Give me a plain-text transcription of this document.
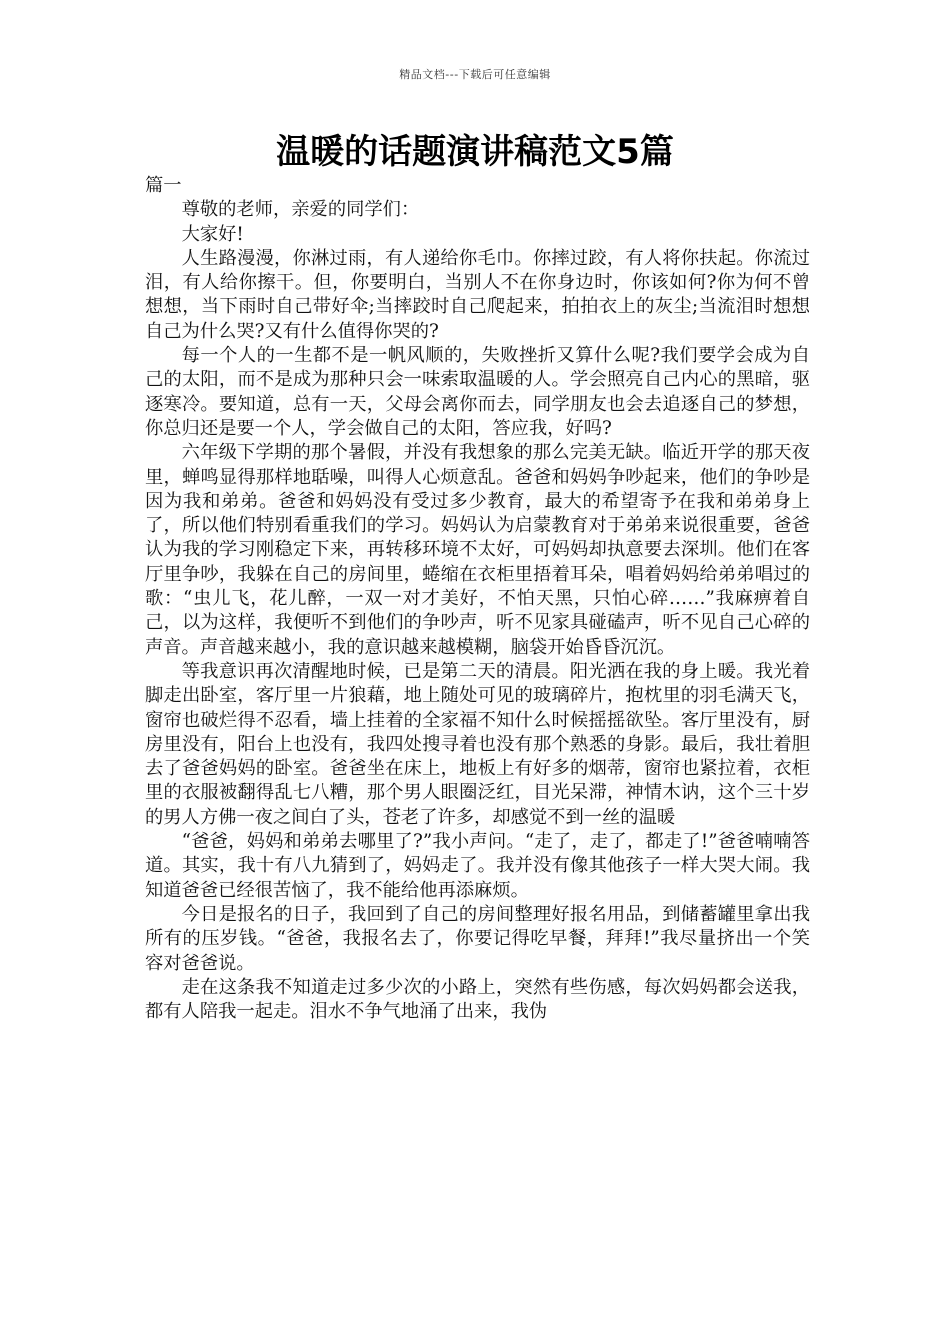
精品文档---下载后可任意编辑
温暖的话题演讲稿范文5篇

篇一

尊敬的老师，亲爱的同学们：

大家好!

人生路漫漫，你淋过雨，有人递给你毛巾。你摔过跤，有人将你扶起。你流过泪，有人给你擦干。但，你要明白，当别人不在你身边时，你该如何?你为何不曾想想，当下雨时自己带好伞;当摔跤时自己爬起来，拍拍衣上的灰尘;当流泪时想想自己为什么哭?又有什么值得你哭的?

每一个人的一生都不是一帆风顺的，失败挫折又算什么呢?我们要学会成为自己的太阳，而不是成为那种只会一味索取温暖的人。学会照亮自己内心的黑暗，驱逐寒冷。要知道，总有一天，父母会离你而去，同学朋友也会去追逐自己的梦想，你总归还是要一个人，学会做自己的太阳，答应我，好吗?

六年级下学期的那个暑假，并没有我想象的那么完美无缺。临近开学的那天夜里，蝉鸣显得那样地聒噪，叫得人心烦意乱。爸爸和妈妈争吵起来，他们的争吵是因为我和弟弟。爸爸和妈妈没有受过多少教育，最大的希望寄予在我和弟弟身上了，所以他们特别看重我们的学习。妈妈认为启蒙教育对于弟弟来说很重要，爸爸认为我的学习刚稳定下来，再转移环境不太好，可妈妈却执意要去深圳。他们在客厅里争吵，我躲在自己的房间里，蜷缩在衣柜里捂着耳朵，唱着妈妈给弟弟唱过的歌：“虫儿飞，花儿醉，一双一对才美好，不怕天黑，只怕心碎……”我麻痹着自己，以为这样，我便听不到他们的争吵声，听不见家具碰磕声，听不见自己心碎的声音。声音越来越小，我的意识越来越模糊，脑袋开始昏昏沉沉。

等我意识再次清醒地时候，已是第二天的清晨。阳光洒在我的身上暖。我光着脚走出卧室，客厅里一片狼藉，地上随处可见的玻璃碎片，抱枕里的羽毛满天飞，窗帘也破烂得不忍看，墙上挂着的全家福不知什么时候摇摇欲坠。客厅里没有，厨房里没有，阳台上也没有，我四处搜寻着也没有那个熟悉的身影。最后，我壮着胆去了爸爸妈妈的卧室。爸爸坐在床上，地板上有好多的烟蒂，窗帘也紧拉着，衣柜里的衣服被翻得乱七八糟，那个男人眼圈泛红，目光呆滞，神情木讷，这个三十岁的男人方佛一夜之间白了头，苍老了许多，却感觉不到一丝的温暖

“爸爸，妈妈和弟弟去哪里了?”我小声问。“走了，走了，都走了!”爸爸喃喃答道。其实，我十有八九猜到了，妈妈走了。我并没有像其他孩子一样大哭大闹。我知道爸爸已经很苦恼了，我不能给他再添麻烦。

今日是报名的日子，我回到了自己的房间整理好报名用品，到储蓄罐里拿出我所有的压岁钱。“爸爸，我报名去了，你要记得吃早餐，拜拜!”我尽量挤出一个笑容对爸爸说。

走在这条我不知道走过多少次的小路上，突然有些伤感，每次妈妈都会送我，都有人陪我一起走。泪水不争气地涌了出来，我伪
